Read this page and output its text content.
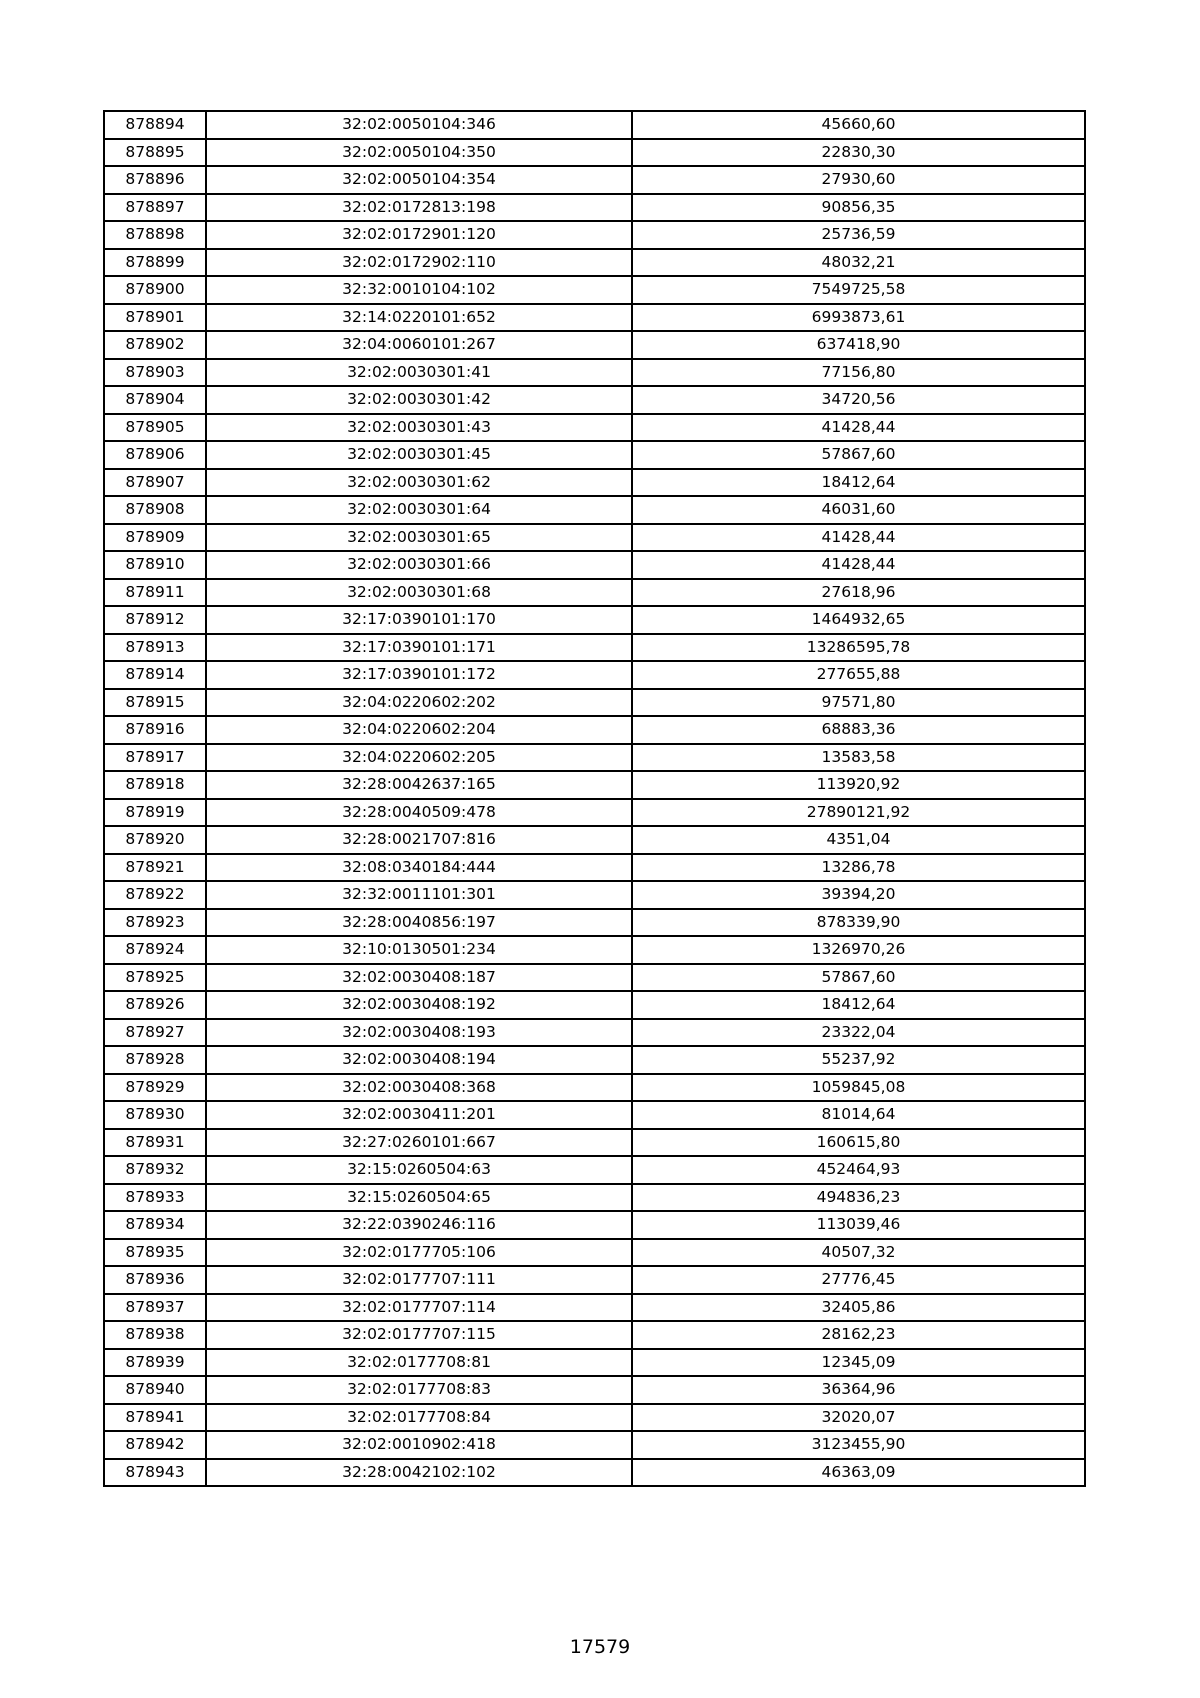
878894	32:02:0050104:346	45660,60
878895	32:02:0050104:350	22830,30
878896	32:02:0050104:354	27930,60
878897	32:02:0172813:198	90856,35
878898	32:02:0172901:120	25736,59
878899	32:02:0172902:110	48032,21
878900	32:32:0010104:102	7549725,58
878901	32:14:0220101:652	6993873,61
878902	32:04:0060101:267	637418,90
878903	32:02:0030301:41	77156,80
878904	32:02:0030301:42	34720,56
878905	32:02:0030301:43	41428,44
878906	32:02:0030301:45	57867,60
878907	32:02:0030301:62	18412,64
878908	32:02:0030301:64	46031,60
878909	32:02:0030301:65	41428,44
878910	32:02:0030301:66	41428,44
878911	32:02:0030301:68	27618,96
878912	32:17:0390101:170	1464932,65
878913	32:17:0390101:171	13286595,78
878914	32:17:0390101:172	277655,88
878915	32:04:0220602:202	97571,80
878916	32:04:0220602:204	68883,36
878917	32:04:0220602:205	13583,58
878918	32:28:0042637:165	113920,92
878919	32:28:0040509:478	27890121,92
878920	32:28:0021707:816	4351,04
878921	32:08:0340184:444	13286,78
878922	32:32:0011101:301	39394,20
878923	32:28:0040856:197	878339,90
878924	32:10:0130501:234	1326970,26
878925	32:02:0030408:187	57867,60
878926	32:02:0030408:192	18412,64
878927	32:02:0030408:193	23322,04
878928	32:02:0030408:194	55237,92
878929	32:02:0030408:368	1059845,08
878930	32:02:0030411:201	81014,64
878931	32:27:0260101:667	160615,80
878932	32:15:0260504:63	452464,93
878933	32:15:0260504:65	494836,23
878934	32:22:0390246:116	113039,46
878935	32:02:0177705:106	40507,32
878936	32:02:0177707:111	27776,45
878937	32:02:0177707:114	32405,86
878938	32:02:0177707:115	28162,23
878939	32:02:0177708:81	12345,09
878940	32:02:0177708:83	36364,96
878941	32:02:0177708:84	32020,07
878942	32:02:0010902:418	3123455,90
878943	32:28:0042102:102	46363,09
17579
